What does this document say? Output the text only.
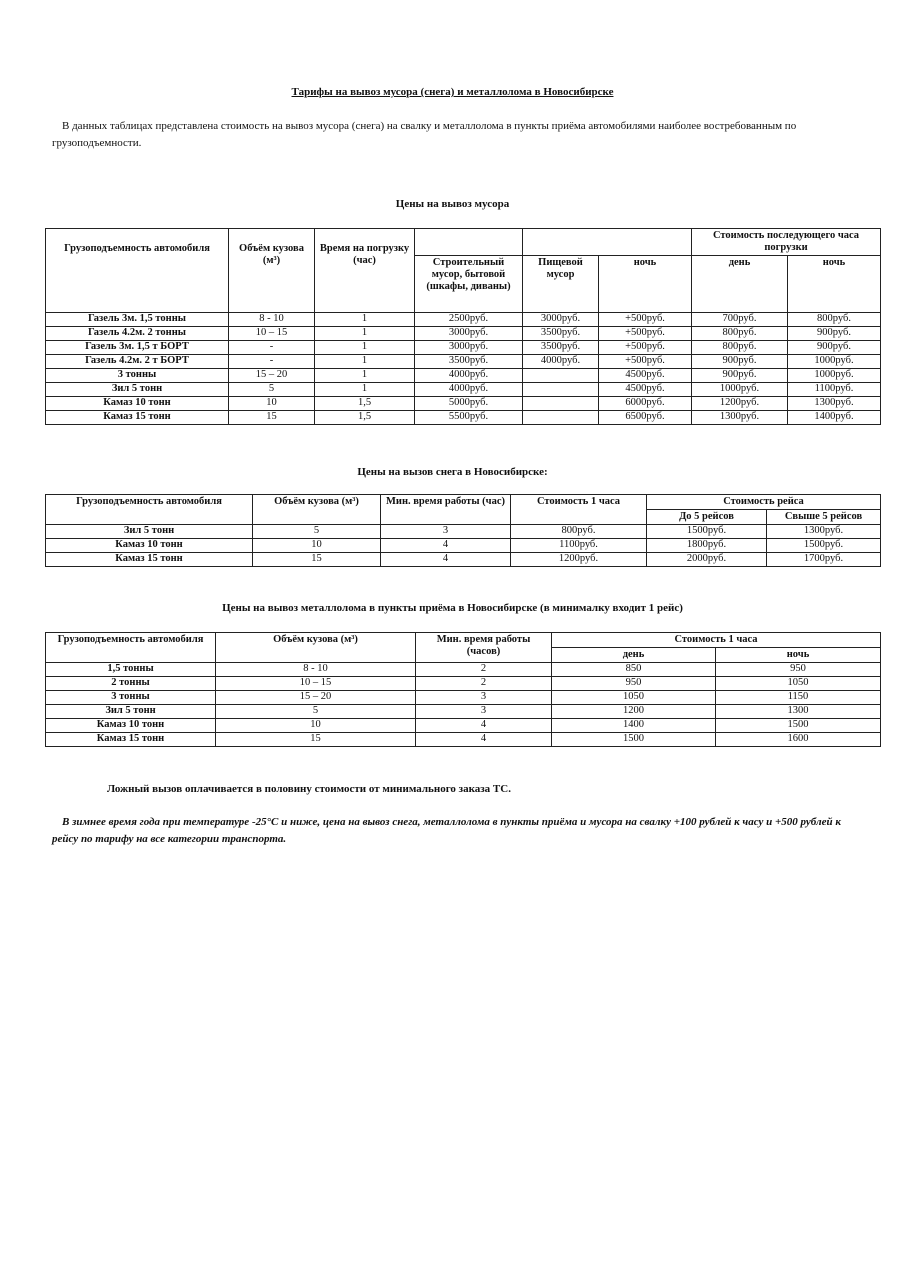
Тарифы на вывоз мусора (снега) и металлолома в Новосибирске
В данных таблицах представлена стоимость на вывоз мусора (снега) на свалку и металлолома в пункты приёма автомобилями наиболее востребованным по грузоподъемности.
Цены на вывоз мусора
Грузоподъемность автомобиля	Объём кузова (м³)	Время на погрузку (час)				Стоимость последующего часа погрузки	
			Строительный мусор, бытовой (шкафы, диваны)	Пищевой мусор	ночь	день	ночь
Газель 3м. 1,5 тонны	8 - 10	1	2500руб.	3000руб.	+500руб.	700руб.	800руб.
Газель 4.2м. 2 тонны	10 – 15	1	3000руб.	3500руб.	+500руб.	800руб.	900руб.
Газель 3м. 1,5 т БОРТ	-	1	3000руб.	3500руб.	+500руб.	800руб.	900руб.
Газель 4.2м. 2 т БОРТ	-	1	3500руб.	4000руб.	+500руб.	900руб.	1000руб.
3 тонны	15 – 20	1	4000руб.		4500руб.	900руб.	1000руб.
Зил 5 тонн	5	1	4000руб.		4500руб.	1000руб.	1100руб.
Камаз 10 тонн	10	1,5	5000руб.		6000руб.	1200руб.	1300руб.
Камаз 15 тонн	15	1,5	5500руб.		6500руб.	1300руб.	1400руб.
Цены на вызов снега в Новосибирске:
Грузоподъемность автомобиля	Объём кузова (м³)	Мин. время работы (час)	Стоимость 1 часа	Стоимость рейса	
				До 5 рейсов	Свыше 5 рейсов
Зил 5 тонн	5	3	800руб.	1500руб.	1300руб.
Камаз 10 тонн	10	4	1100руб.	1800руб.	1500руб.
Камаз 15 тонн	15	4	1200руб.	2000руб.	1700руб.
Цены на вывоз металлолома в пункты приёма в Новосибирске (в минималку входит 1 рейс)
Грузоподъемность автомобиля	Объём кузова (м³)	Мин. время работы (часов)	Стоимость 1 часа	
			день	ночь
1,5 тонны	8 - 10	2	850	950
2 тонны	10 – 15	2	950	1050
3 тонны	15 – 20	3	1050	1150
Зил 5 тонн	5	3	1200	1300
Камаз 10 тонн	10	4	1400	1500
Камаз 15 тонн	15	4	1500	1600
Ложный вызов оплачивается в половину стоимости от минимального заказа ТС.
В зимнее время года при температуре -25°С и ниже, цена на вывоз снега, металлолома в пункты приёма и мусора на свалку +100 рублей к часу и +500 рублей к рейсу по тарифу на все категории транспорта.
